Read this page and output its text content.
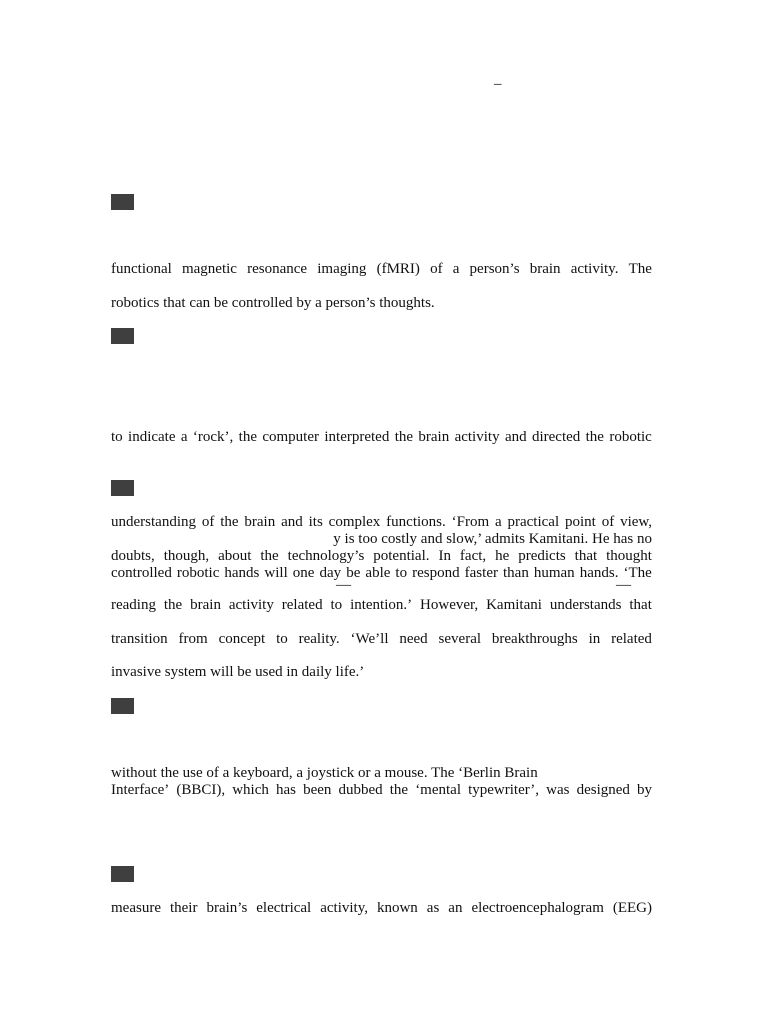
–
functional magnetic resonance imaging (fMRI) of a person’s brain activity. The
robotics that can be controlled by a person’s thoughts.
to indicate a ‘rock’, the computer interpreted the brain activity and directed the robotic
understanding of the brain and its complex functions. ‘From a practical point of view,
y is too costly and slow,’ admits Kamitani. He has no
doubts, though, about the technology’s potential. In fact, he predicts that thought
controlled robotic hands will one day be able to respond faster than human hands. ‘The
—	—
reading the brain activity related to intention.’ However, Kamitani understands that
transition from concept to reality. ‘We’ll need several breakthroughs in related
invasive system will be used in daily life.’
without the use of a keyboard, a joystick or a mouse. The ‘Berlin Brain
Interface’ (BBCI), which has been dubbed the ‘mental typewriter’, was designed by
measure their brain’s electrical activity, known as an electroencephalogram (EEG)
